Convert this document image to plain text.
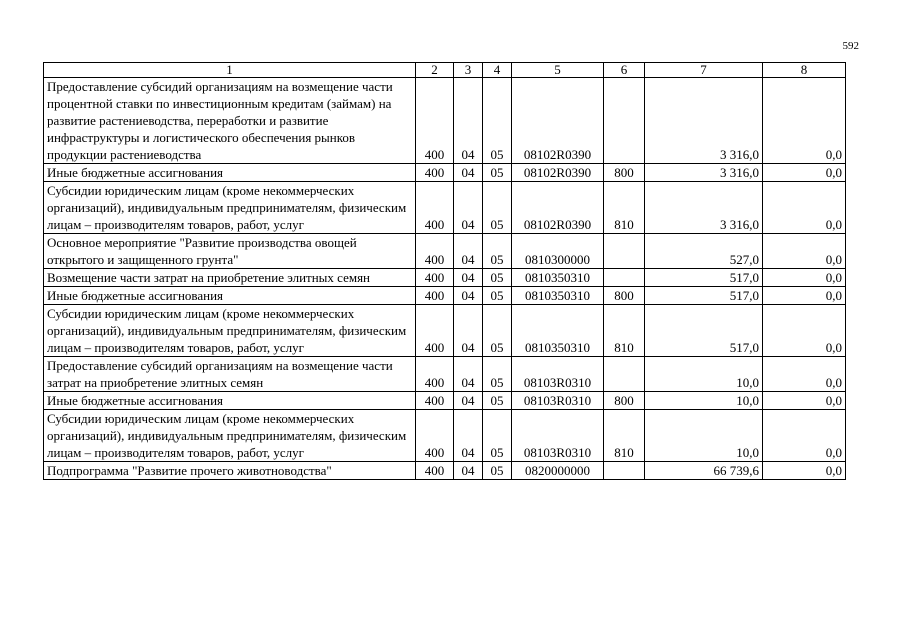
592
1	2	3	4	5	6	7	8
Предоставление субсидий организациям на возмещение части процентной ставки по инвестиционным кредитам (займам) на развитие растениеводства, переработки и развитие инфраструктуры и логистического обеспечения рынков продукции растениеводства	400	04	05	08102R0390		3 316,0	0,0
Иные бюджетные ассигнования	400	04	05	08102R0390	800	3 316,0	0,0
Субсидии юридическим лицам (кроме некоммерческих организаций), индивидуальным предпринимателям, физическим лицам – производителям товаров, работ, услуг	400	04	05	08102R0390	810	3 316,0	0,0
Основное мероприятие "Развитие производства овощей открытого и защищенного грунта"	400	04	05	0810300000		527,0	0,0
Возмещение части затрат на приобретение элитных семян	400	04	05	0810350310		517,0	0,0
Иные бюджетные ассигнования	400	04	05	0810350310	800	517,0	0,0
Субсидии юридическим лицам (кроме некоммерческих организаций), индивидуальным предпринимателям, физическим лицам – производителям товаров, работ, услуг	400	04	05	0810350310	810	517,0	0,0
Предоставление субсидий организациям на возмещение части затрат на приобретение элитных семян	400	04	05	08103R0310		10,0	0,0
Иные бюджетные ассигнования	400	04	05	08103R0310	800	10,0	0,0
Субсидии юридическим лицам (кроме некоммерческих организаций), индивидуальным предпринимателям, физическим лицам – производителям товаров, работ, услуг	400	04	05	08103R0310	810	10,0	0,0
Подпрограмма "Развитие прочего животноводства"	400	04	05	0820000000		66 739,6	0,0
